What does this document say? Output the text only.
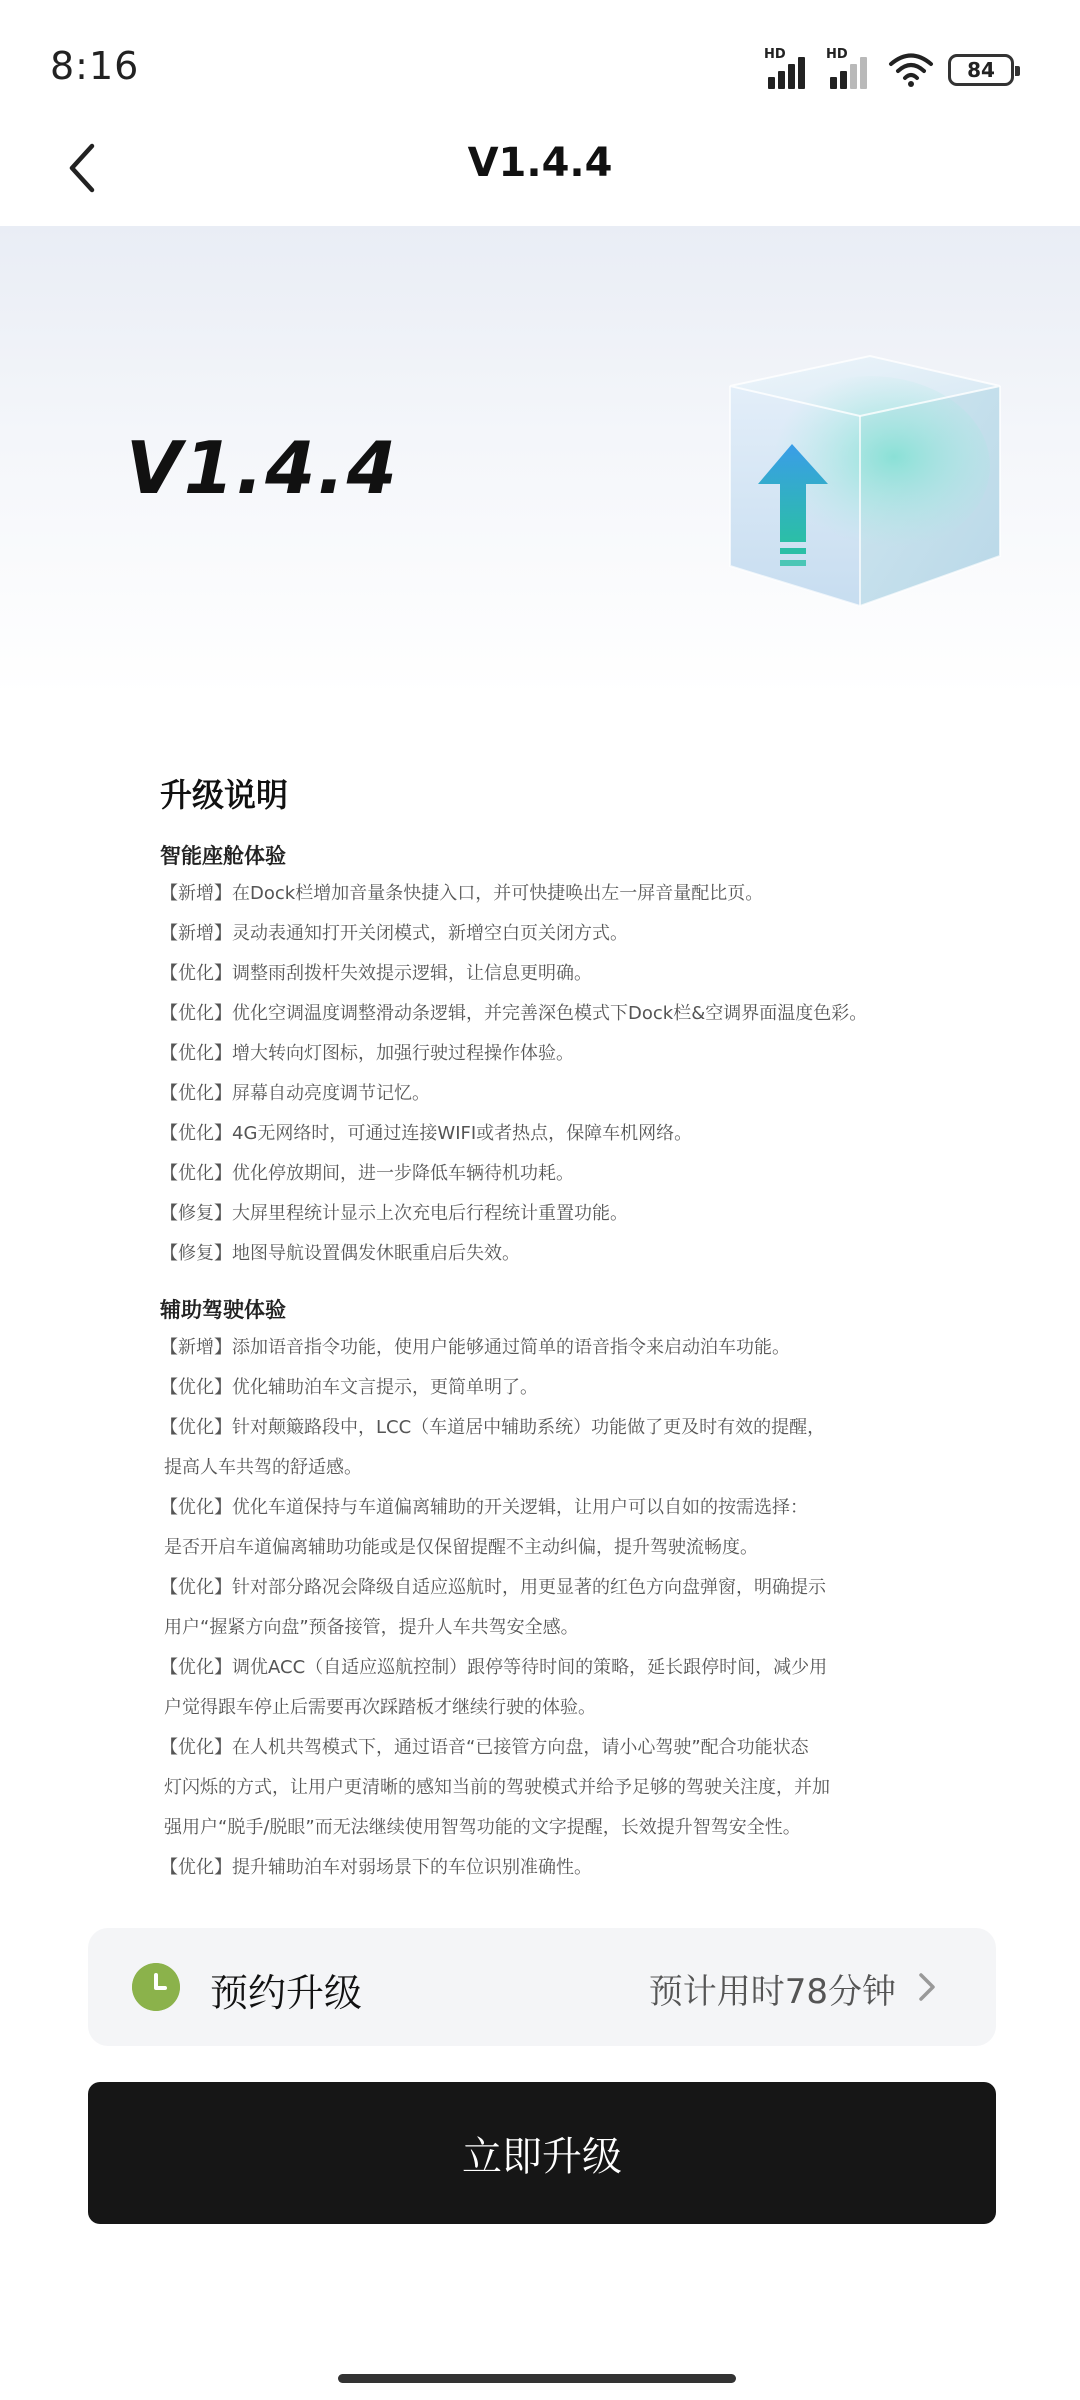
8:16	HD	HD
84
V1.4.4
V1.4.4
升级说明
智能座舱体验
【新增】在Dock栏增加音量条快捷入口，并可快捷唤出左一屏音量配比页。
【新增】灵动表通知打开关闭模式，新增空白页关闭方式。
【优化】调整雨刮拨杆失效提示逻辑，让信息更明确。
【优化】优化空调温度调整滑动条逻辑，并完善深色模式下Dock栏&空调界面温度色彩。
【优化】增大转向灯图标，加强行驶过程操作体验。
【优化】屏幕自动亮度调节记忆。
【优化】4G无网络时，可通过连接WIFI或者热点，保障车机网络。
【优化】优化停放期间，进一步降低车辆待机功耗。
【修复】大屏里程统计显示上次充电后行程统计重置功能。
【修复】地图导航设置偶发休眠重启后失效。
辅助驾驶体验
【新增】添加语音指令功能，使用户能够通过简单的语音指令来启动泊车功能。
【优化】优化辅助泊车文言提示，更简单明了。
【优化】针对颠簸路段中，LCC（车道居中辅助系统）功能做了更及时有效的提醒，
提高人车共驾的舒适感。
【优化】优化车道保持与车道偏离辅助的开关逻辑，让用户可以自如的按需选择：
是否开启车道偏离辅助功能或是仅保留提醒不主动纠偏，提升驾驶流畅度。
【优化】针对部分路况会降级自适应巡航时，用更显著的红色方向盘弹窗，明确提示
用户“握紧方向盘”预备接管，提升人车共驾安全感。
【优化】调优ACC（自适应巡航控制）跟停等待时间的策略，延长跟停时间，减少用
户觉得跟车停止后需要再次踩踏板才继续行驶的体验。
【优化】在人机共驾模式下，通过语音“已接管方向盘，请小心驾驶”配合功能状态
灯闪烁的方式，让用户更清晰的感知当前的驾驶模式并给予足够的驾驶关注度，并加
强用户“脱手/脱眼”而无法继续使用智驾功能的文字提醒，长效提升智驾安全性。
【优化】提升辅助泊车对弱场景下的车位识别准确性。
预约升级	预计用时78分钟
立即升级
